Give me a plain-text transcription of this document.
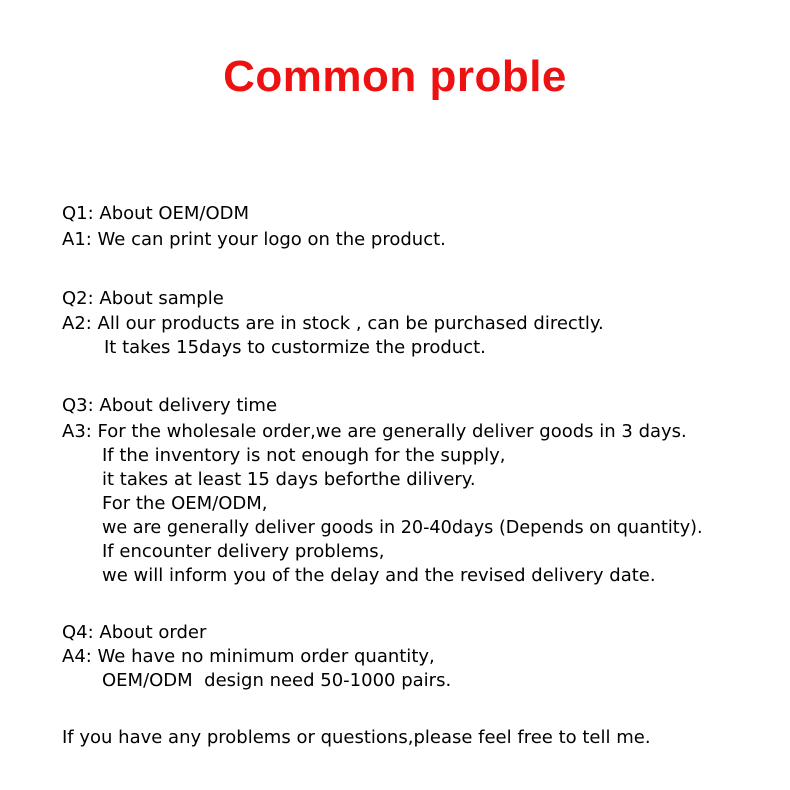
Common proble
Q1: About OEM/ODM
A1: We can print your logo on the product.
Q2: About sample
A2: All our products are in stock , can be purchased directly.
It takes 15days to custormize the product.
Q3: About delivery time
A3: For the wholesale order,we are generally deliver goods in 3 days.
If the inventory is not enough for the supply,
it takes at least 15 days beforthe dilivery.
For the OEM/ODM,
we are generally deliver goods in 20-40days (Depends on quantity).
If encounter delivery problems,
we will inform you of the delay and the revised delivery date.
Q4: About order
A4: We have no minimum order quantity,
OEM/ODM  design need 50-1000 pairs.
If you have any problems or questions,please feel free to tell me.
